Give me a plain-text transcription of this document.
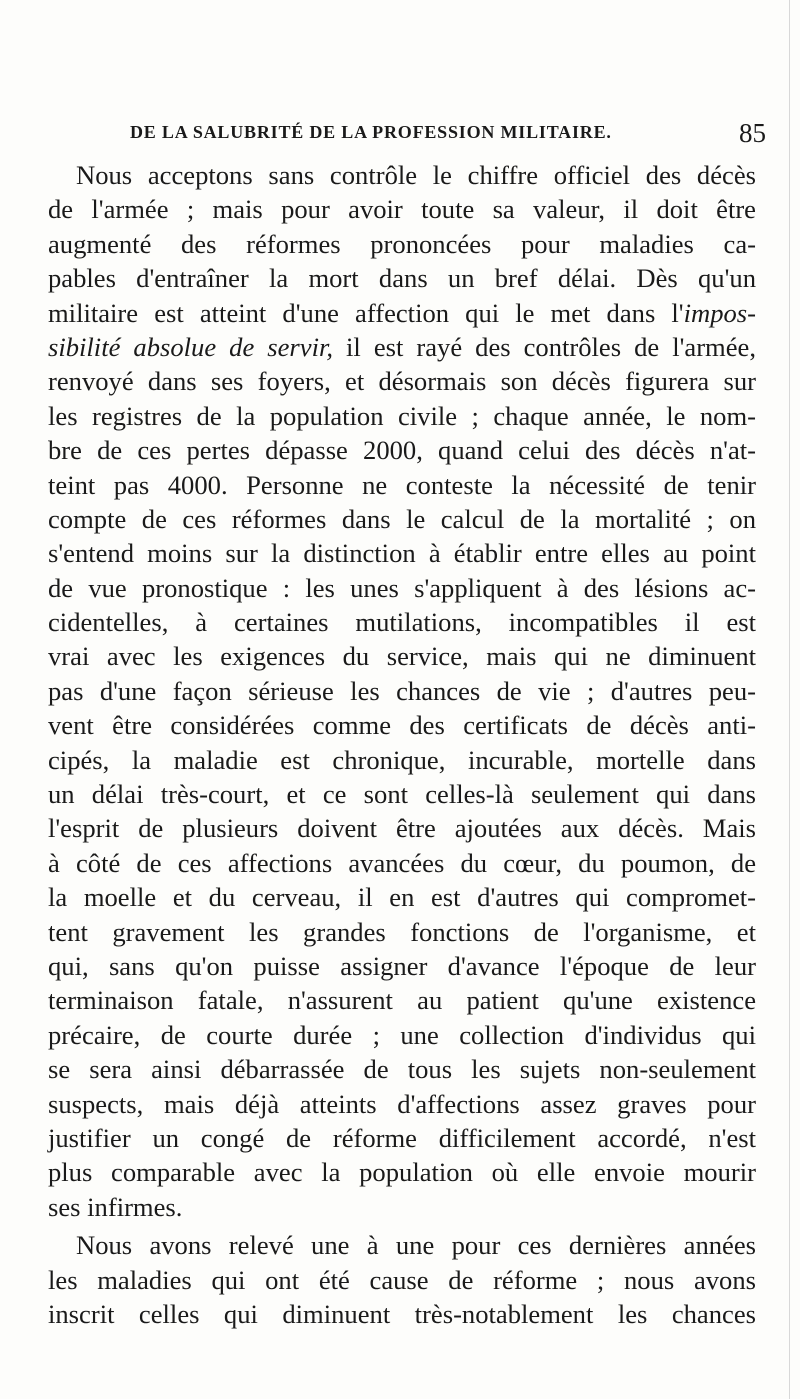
DE LA SALUBRITÉ DE LA PROFESSION MILITAIRE.	85
Nous acceptons sans contrôle le chiffre officiel des décès
de l'armée ; mais pour avoir toute sa valeur, il doit être
augmenté des réformes prononcées pour maladies ca-
pables d'entraîner la mort dans un bref délai. Dès qu'un
militaire est atteint d'une affection qui le met dans l'impos-
sibilité absolue de servir, il est rayé des contrôles de l'armée,
renvoyé dans ses foyers, et désormais son décès figurera sur
les registres de la population civile ; chaque année, le nom-
bre de ces pertes dépasse 2000, quand celui des décès n'at-
teint pas 4000. Personne ne conteste la nécessité de tenir
compte de ces réformes dans le calcul de la mortalité ; on
s'entend moins sur la distinction à établir entre elles au point
de vue pronostique : les unes s'appliquent à des lésions ac-
cidentelles, à certaines mutilations, incompatibles il est
vrai avec les exigences du service, mais qui ne diminuent
pas d'une façon sérieuse les chances de vie ; d'autres peu-
vent être considérées comme des certificats de décès anti-
cipés, la maladie est chronique, incurable, mortelle dans
un délai très-court, et ce sont celles-là seulement qui dans
l'esprit de plusieurs doivent être ajoutées aux décès. Mais
à côté de ces affections avancées du cœur, du poumon, de
la moelle et du cerveau, il en est d'autres qui compromet-
tent gravement les grandes fonctions de l'organisme, et
qui, sans qu'on puisse assigner d'avance l'époque de leur
terminaison fatale, n'assurent au patient qu'une existence
précaire, de courte durée ; une collection d'individus qui
se sera ainsi débarrassée de tous les sujets non-seulement
suspects, mais déjà atteints d'affections assez graves pour
justifier un congé de réforme difficilement accordé, n'est
plus comparable avec la population où elle envoie mourir
ses infirmes.
Nous avons relevé une à une pour ces dernières années
les maladies qui ont été cause de réforme ; nous avons
inscrit celles qui diminuent très-notablement les chances
